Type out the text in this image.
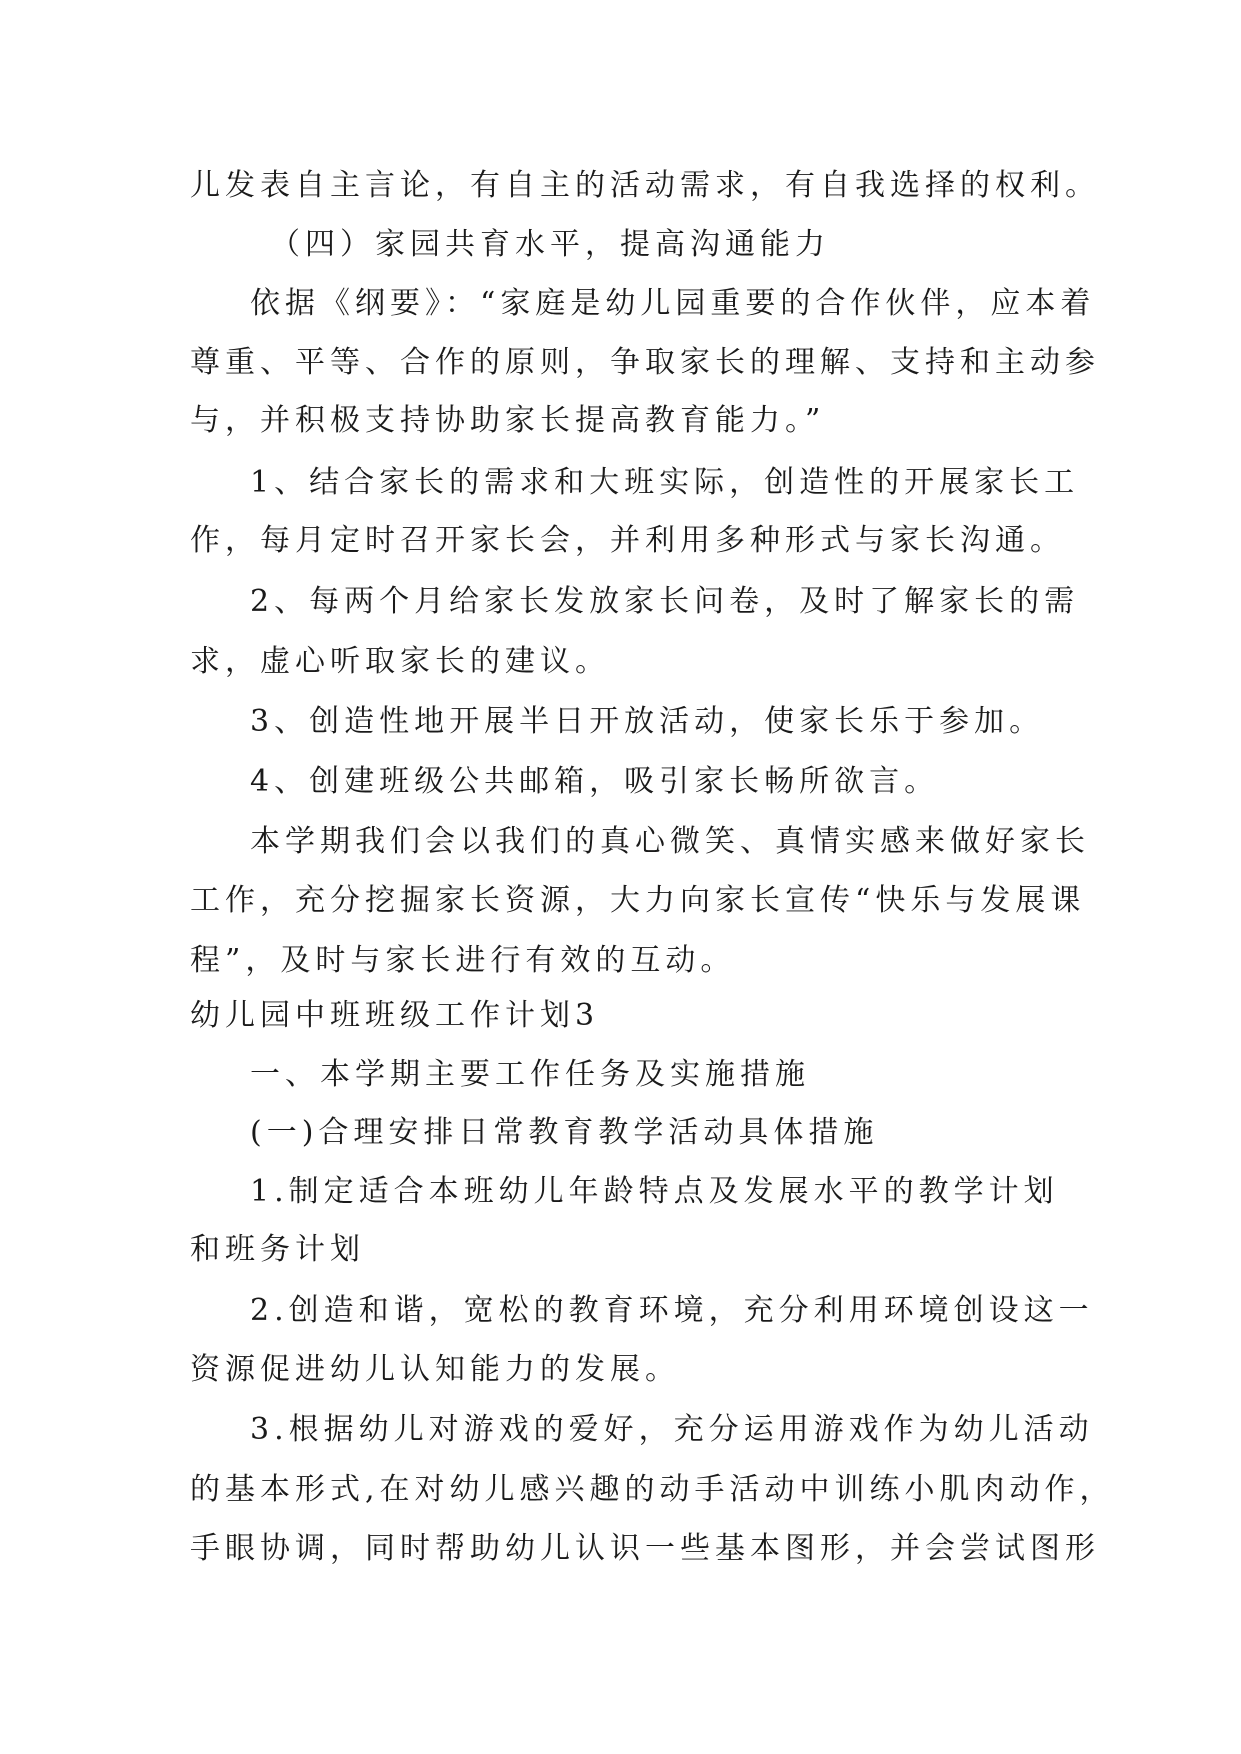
儿发表自主言论，有自主的活动需求，有自我选择的权利。
（四）家园共育水平，提高沟通能力
依据《纲要》：“家庭是幼儿园重要的合作伙伴，应本着
尊重、平等、合作的原则，争取家长的理解、支持和主动参
与，并积极支持协助家长提高教育能力。”
1、结合家长的需求和大班实际，创造性的开展家长工
作，每月定时召开家长会，并利用多种形式与家长沟通。
2、每两个月给家长发放家长问卷，及时了解家长的需
求，虚心听取家长的建议。
3、创造性地开展半日开放活动，使家长乐于参加。
4、创建班级公共邮箱，吸引家长畅所欲言。
本学期我们会以我们的真心微笑、真情实感来做好家长
工作，充分挖掘家长资源，大力向家长宣传“快乐与发展课
程”，及时与家长进行有效的互动。
幼儿园中班班级工作计划3
一、本学期主要工作任务及实施措施
(一)合理安排日常教育教学活动具体措施
1.制定适合本班幼儿年龄特点及发展水平的教学计划
和班务计划
2.创造和谐，宽松的教育环境，充分利用环境创设这一
资源促进幼儿认知能力的发展。
3.根据幼儿对游戏的爱好，充分运用游戏作为幼儿活动
的基本形式,在对幼儿感兴趣的动手活动中训练小肌肉动作，
手眼协调，同时帮助幼儿认识一些基本图形，并会尝试图形
